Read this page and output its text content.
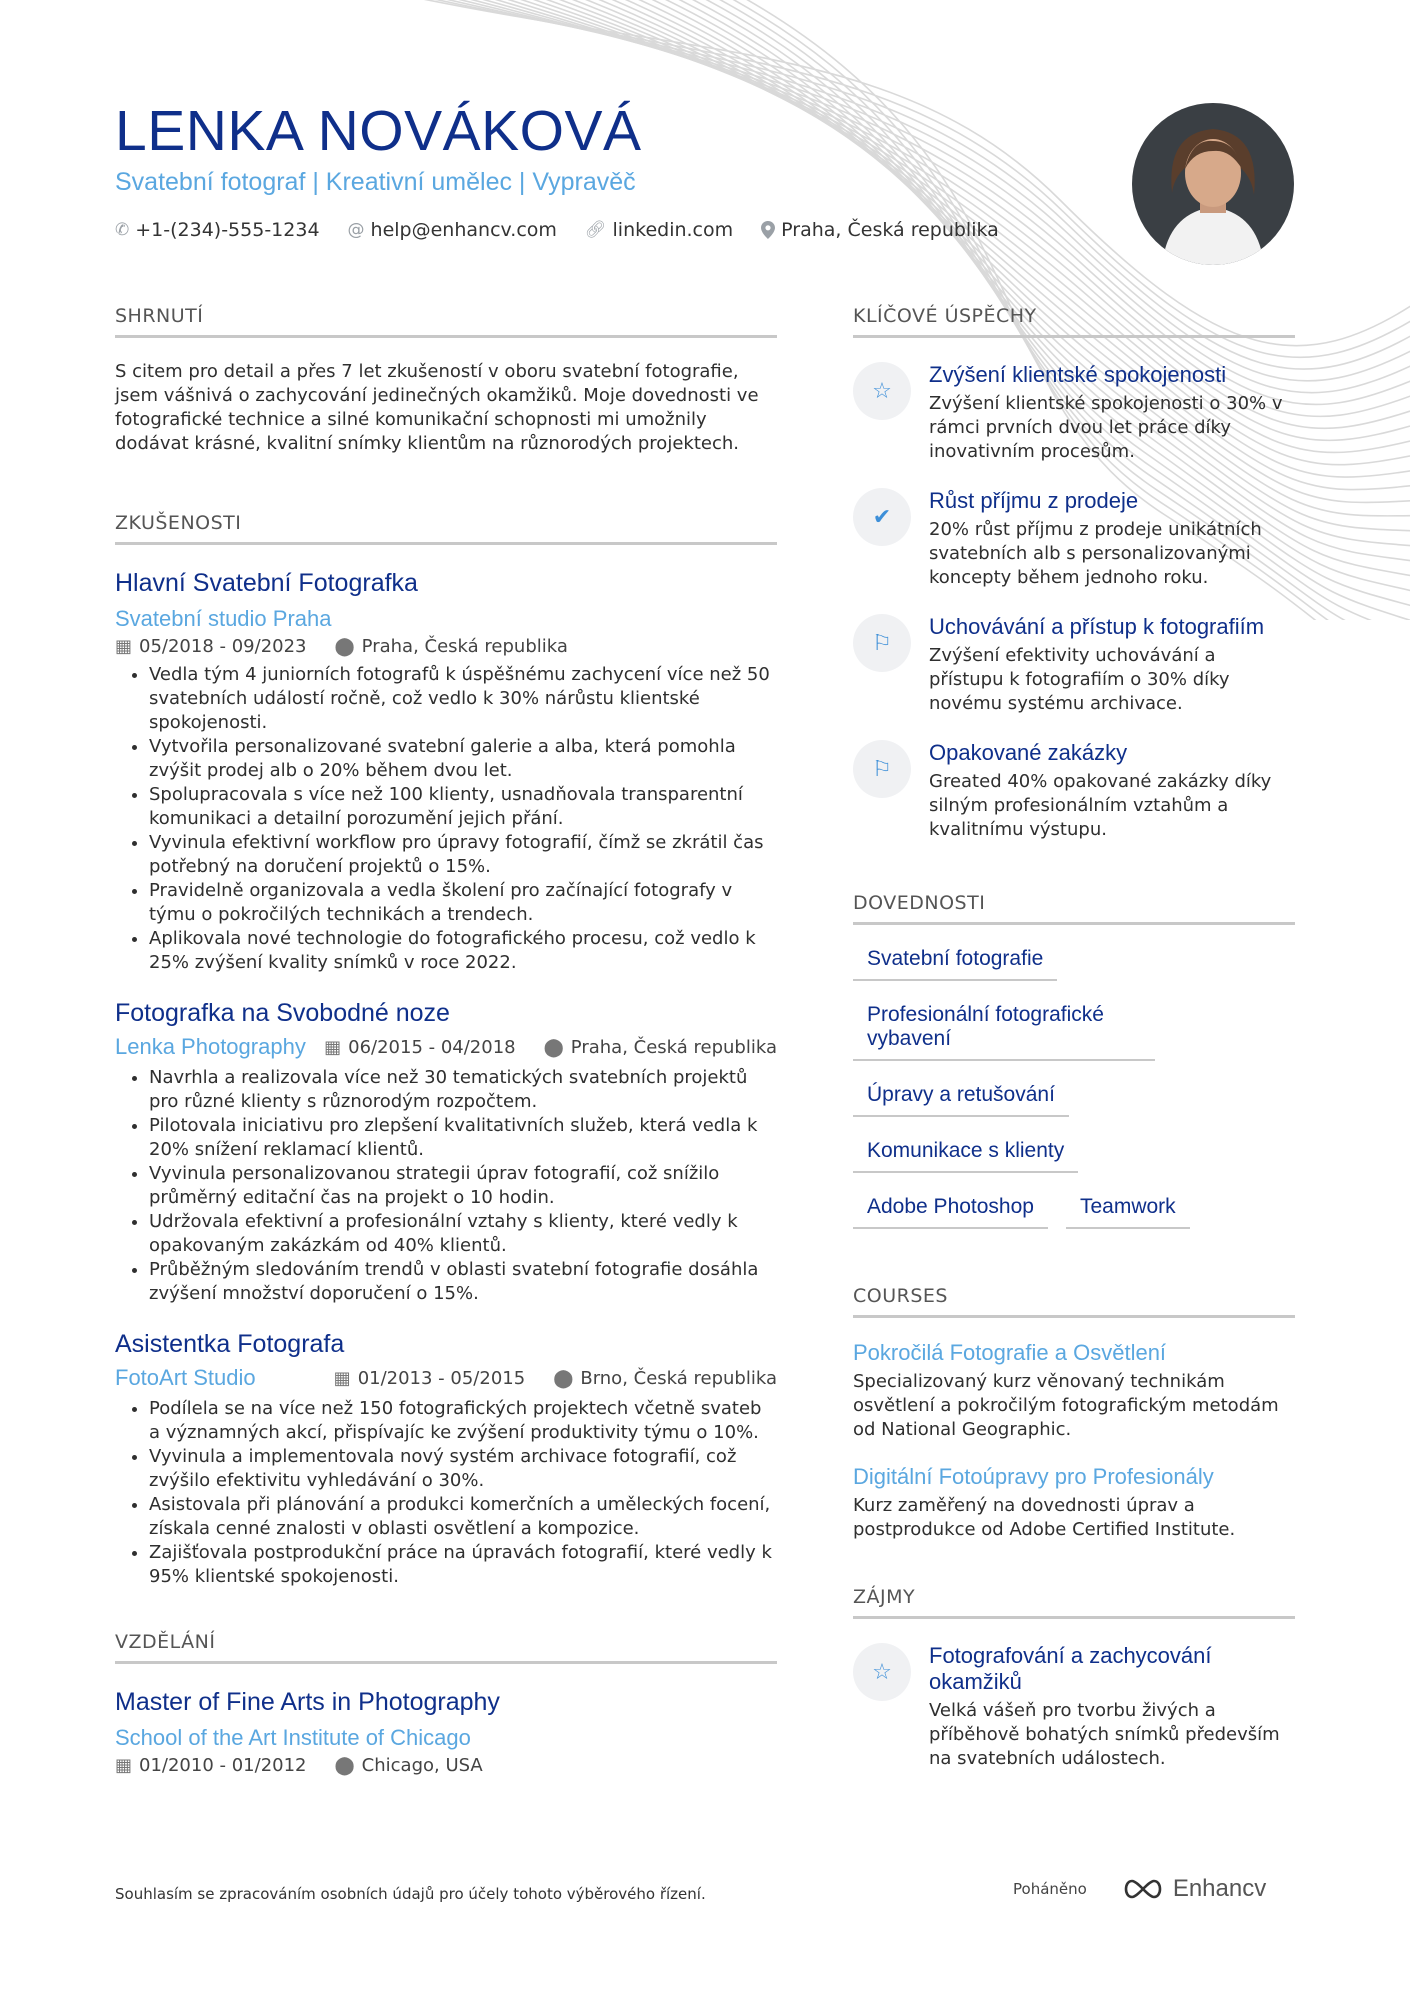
LENKA NOVÁKOVÁ
Svatební fotograf | Kreativní umělec | Vypravěč
✆ +1-(234)-555-1234 @ help@enhancv.com 🔗︎ linkedin.com	Praha, Česká republika
SHRNUTÍ
S citem pro detail a přes 7 let zkušeností v oboru svatební fotografie, jsem vášnivá o zachycování jedinečných okamžiků. Moje dovednosti ve fotografické technice a silné komunikační schopnosti mi umožnily dodávat krásné, kvalitní snímky klientům na různorodých projektech.
ZKUŠENOSTI
Hlavní Svatební Fotografka
Svatební studio Praha
▦ 05/2018 - 09/2023 ⬤ Praha, Česká republika
• Vedla tým 4 juniorních fotografů k úspěšnému zachycení více než 50 svatebních událostí ročně, což vedlo k 30% nárůstu klientské spokojenosti.
• Vytvořila personalizované svatební galerie a alba, která pomohla zvýšit prodej alb o 20% během dvou let.
• Spolupracovala s více než 100 klienty, usnadňovala transparentní komunikaci a detailní porozumění jejich přání.
• Vyvinula efektivní workflow pro úpravy fotografií, čímž se zkrátil čas potřebný na doručení projektů o 15%.
• Pravidelně organizovala a vedla školení pro začínající fotografy v týmu o pokročilých technikách a trendech.
• Aplikovala nové technologie do fotografického procesu, což vedlo k 25% zvýšení kvality snímků v roce 2022.
Fotografka na Svobodné noze
Lenka Photography ▦ 06/2015 - 04/2018 ⬤ Praha, Česká republika
• Navrhla a realizovala více než 30 tematických svatebních projektů pro různé klienty s různorodým rozpočtem.
• Pilotovala iniciativu pro zlepšení kvalitativních služeb, která vedla k 20% snížení reklamací klientů.
• Vyvinula personalizovanou strategii úprav fotografií, což snížilo průměrný editační čas na projekt o 10 hodin.
• Udržovala efektivní a profesionální vztahy s klienty, které vedly k opakovaným zakázkám od 40% klientů.
• Průběžným sledováním trendů v oblasti svatební fotografie dosáhla zvýšení množství doporučení o 15%.
Asistentka Fotografa
FotoArt Studio	▦ 01/2013 - 05/2015 ⬤ Brno, Česká republika
• Podílela se na více než 150 fotografických projektech včetně svateb a významných akcí, přispívajíc ke zvýšení produktivity týmu o 10%.
• Vyvinula a implementovala nový systém archivace fotografií, což zvýšilo efektivitu vyhledávání o 30%.
• Asistovala při plánování a produkci komerčních a uměleckých focení, získala cenné znalosti v oblasti osvětlení a kompozice.
• Zajišťovala postprodukční práce na úpravách fotografií, které vedly k 95% klientské spokojenosti.
VZDĚLÁNÍ
Master of Fine Arts in Photography
School of the Art Institute of Chicago
▦ 01/2010 - 01/2012 ⬤ Chicago, USA
KLÍČOVÉ ÚSPĚCHY
☆
Zvýšení klientské spokojenosti
Zvýšení klientské spokojenosti o 30% v rámci prvních dvou let práce díky inovativním procesům.
✔
Růst příjmu z prodeje
20% růst příjmu z prodeje unikátních svatebních alb s personalizovanými koncepty během jednoho roku.
⚐
Uchovávání a přístup k fotografiím
Zvýšení efektivity uchovávání a přístupu k fotografiím o 30% díky novému systému archivace.
⚐
Opakované zakázky
Greated 40% opakované zakázky díky silným profesionálním vztahům a kvalitnímu výstupu.
DOVEDNOSTI
Svatební fotografie
Profesionální fotografické vybavení
Úpravy a retušování
Komunikace s klienty
Adobe Photoshop	Teamwork
COURSES
Pokročilá Fotografie a Osvětlení
Specializovaný kurz věnovaný technikám osvětlení a pokročilým fotografickým metodám od National Geographic.
Digitální Fotoúpravy pro Profesionály
Kurz zaměřený na dovednosti úprav a postprodukce od Adobe Certified Institute.
ZÁJMY
☆
Fotografování a zachycování okamžiků
Velká vášeň pro tvorbu živých a příběhově bohatých snímků především na svatebních událostech.
Souhlasím se zpracováním osobních údajů pro účely tohoto výběrového řízení.	Poháněno	Enhancv
